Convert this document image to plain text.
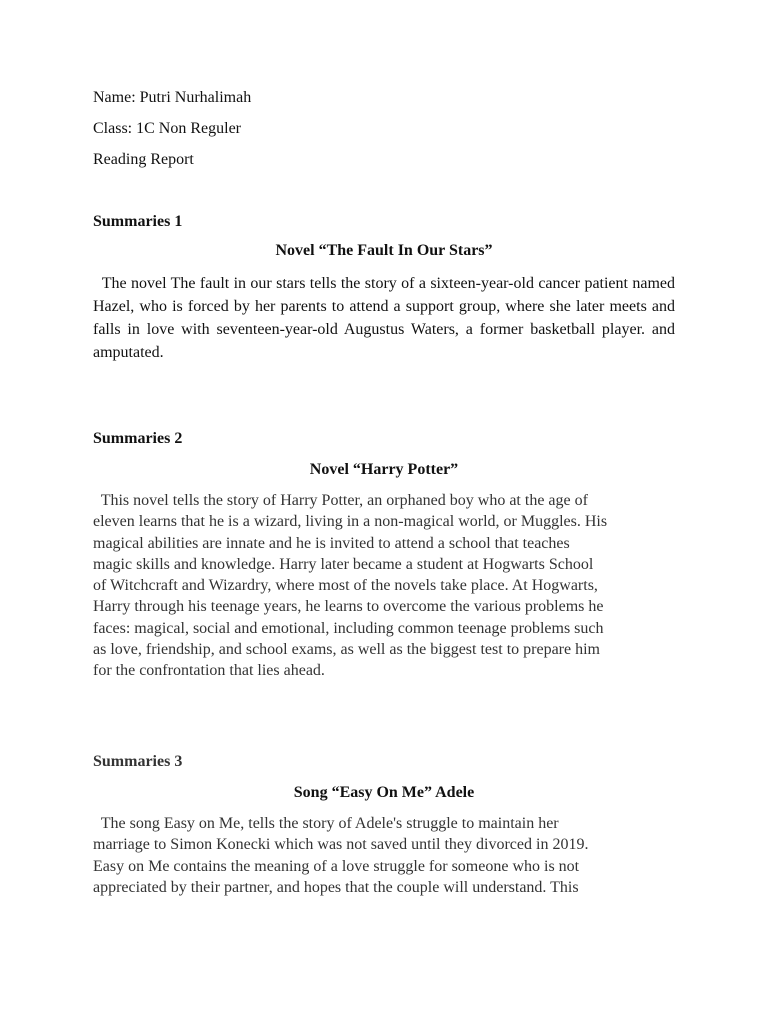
Name: Putri Nurhalimah
Class: 1C Non Reguler
Reading Report
Summaries 1
Novel “The Fault In Our Stars”
The novel The fault in our stars tells the story of a sixteen-year-old cancer patient named Hazel, who is forced by her parents to attend a support group, where she later meets and falls in love with seventeen-year-old Augustus Waters, a former basketball player. and amputated.
Summaries 2
Novel “Harry Potter”
This novel tells the story of Harry Potter, an orphaned boy who at the age of
eleven learns that he is a wizard, living in a non-magical world, or Muggles. His
magical abilities are innate and he is invited to attend a school that teaches
magic skills and knowledge. Harry later became a student at Hogwarts School
of Witchcraft and Wizardry, where most of the novels take place. At Hogwarts,
Harry through his teenage years, he learns to overcome the various problems he
faces: magical, social and emotional, including common teenage problems such
as love, friendship, and school exams, as well as the biggest test to prepare him
for the confrontation that lies ahead.
Summaries 3
Song “Easy On Me” Adele
The song Easy on Me, tells the story of Adele's struggle to maintain her
marriage to Simon Konecki which was not saved until they divorced in 2019.
Easy on Me contains the meaning of a love struggle for someone who is not
appreciated by their partner, and hopes that the couple will understand. This
